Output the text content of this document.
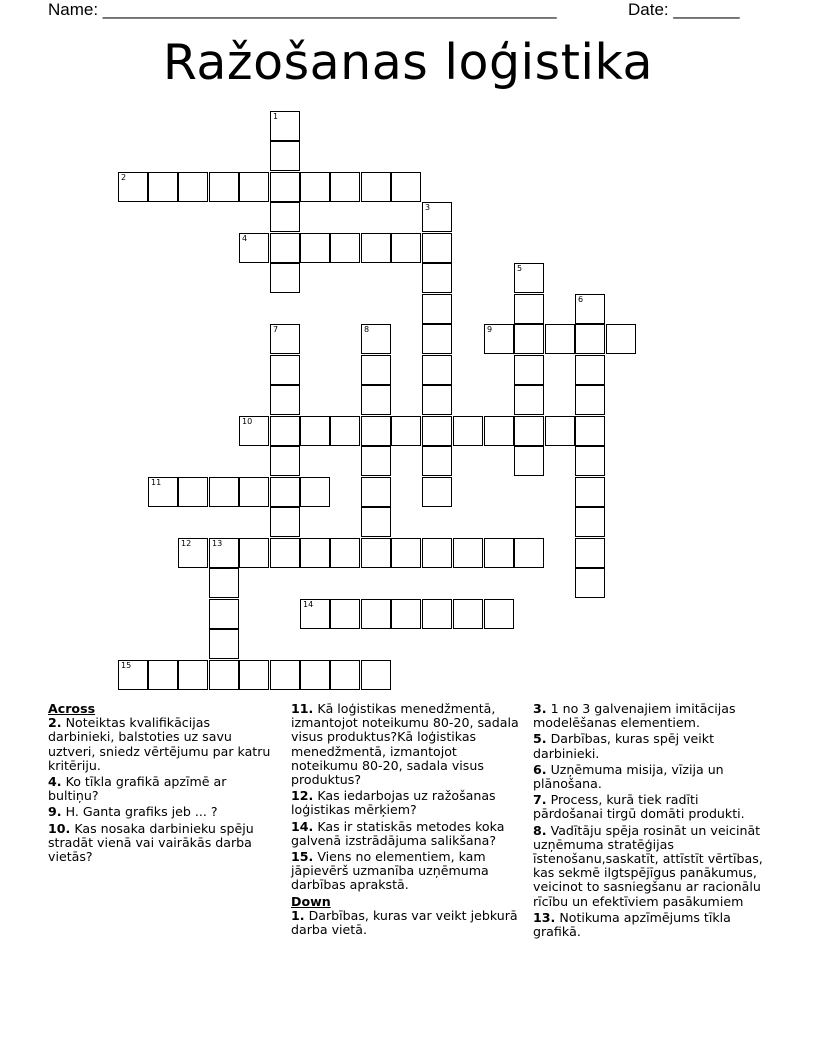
Name: ________________________________________________	Date: _______
Ražošanas loģistika
1
2
3
4
5
6
7	8	9
10
11
12	13
14
15
Across
2. Noteiktas kvalifikācijas darbinieki, balstoties uz savu uztveri, sniedz vērtējumu par katru kritēriju.
4. Ko tīkla grafikā apzīmē ar bultiņu?
9. H. Ganta grafiks jeb ... ?
10. Kas nosaka darbinieku spēju stradāt vienā vai vairākās darba vietās?
11. Kā loģistikas menedžmentā, izmantojot noteikumu 80-20, sadala visus produktus?Kā loģistikas menedžmentā, izmantojot noteikumu 80-20, sadala visus produktus?
12. Kas iedarbojas uz ražošanas loģistikas mērķiem?
14. Kas ir statiskās metodes koka galvenā izstrādājuma salikšana?
15. Viens no elementiem, kam jāpievērš uzmanība uzņēmuma darbības aprakstā.
Down
1. Darbības, kuras var veikt jebkurā darba vietā.
3. 1 no 3 galvenajiem imitācijas modelēšanas elementiem.
5. Darbības, kuras spēj veikt darbinieki.
6. Uzņēmuma misija, vīzija un plānošana.
7. Process, kurā tiek radīti pārdošanai tirgū domāti produkti.
8. Vadītāju spēja rosināt un veicināt uzņēmuma stratēģijas īstenošanu,saskatīt, attīstīt vērtības, kas sekmē ilgtspējīgus panākumus, veicinot to sasniegšanu ar racionālu rīcību un efektīviem pasākumiem
13. Notikuma apzīmējums tīkla grafikā.
